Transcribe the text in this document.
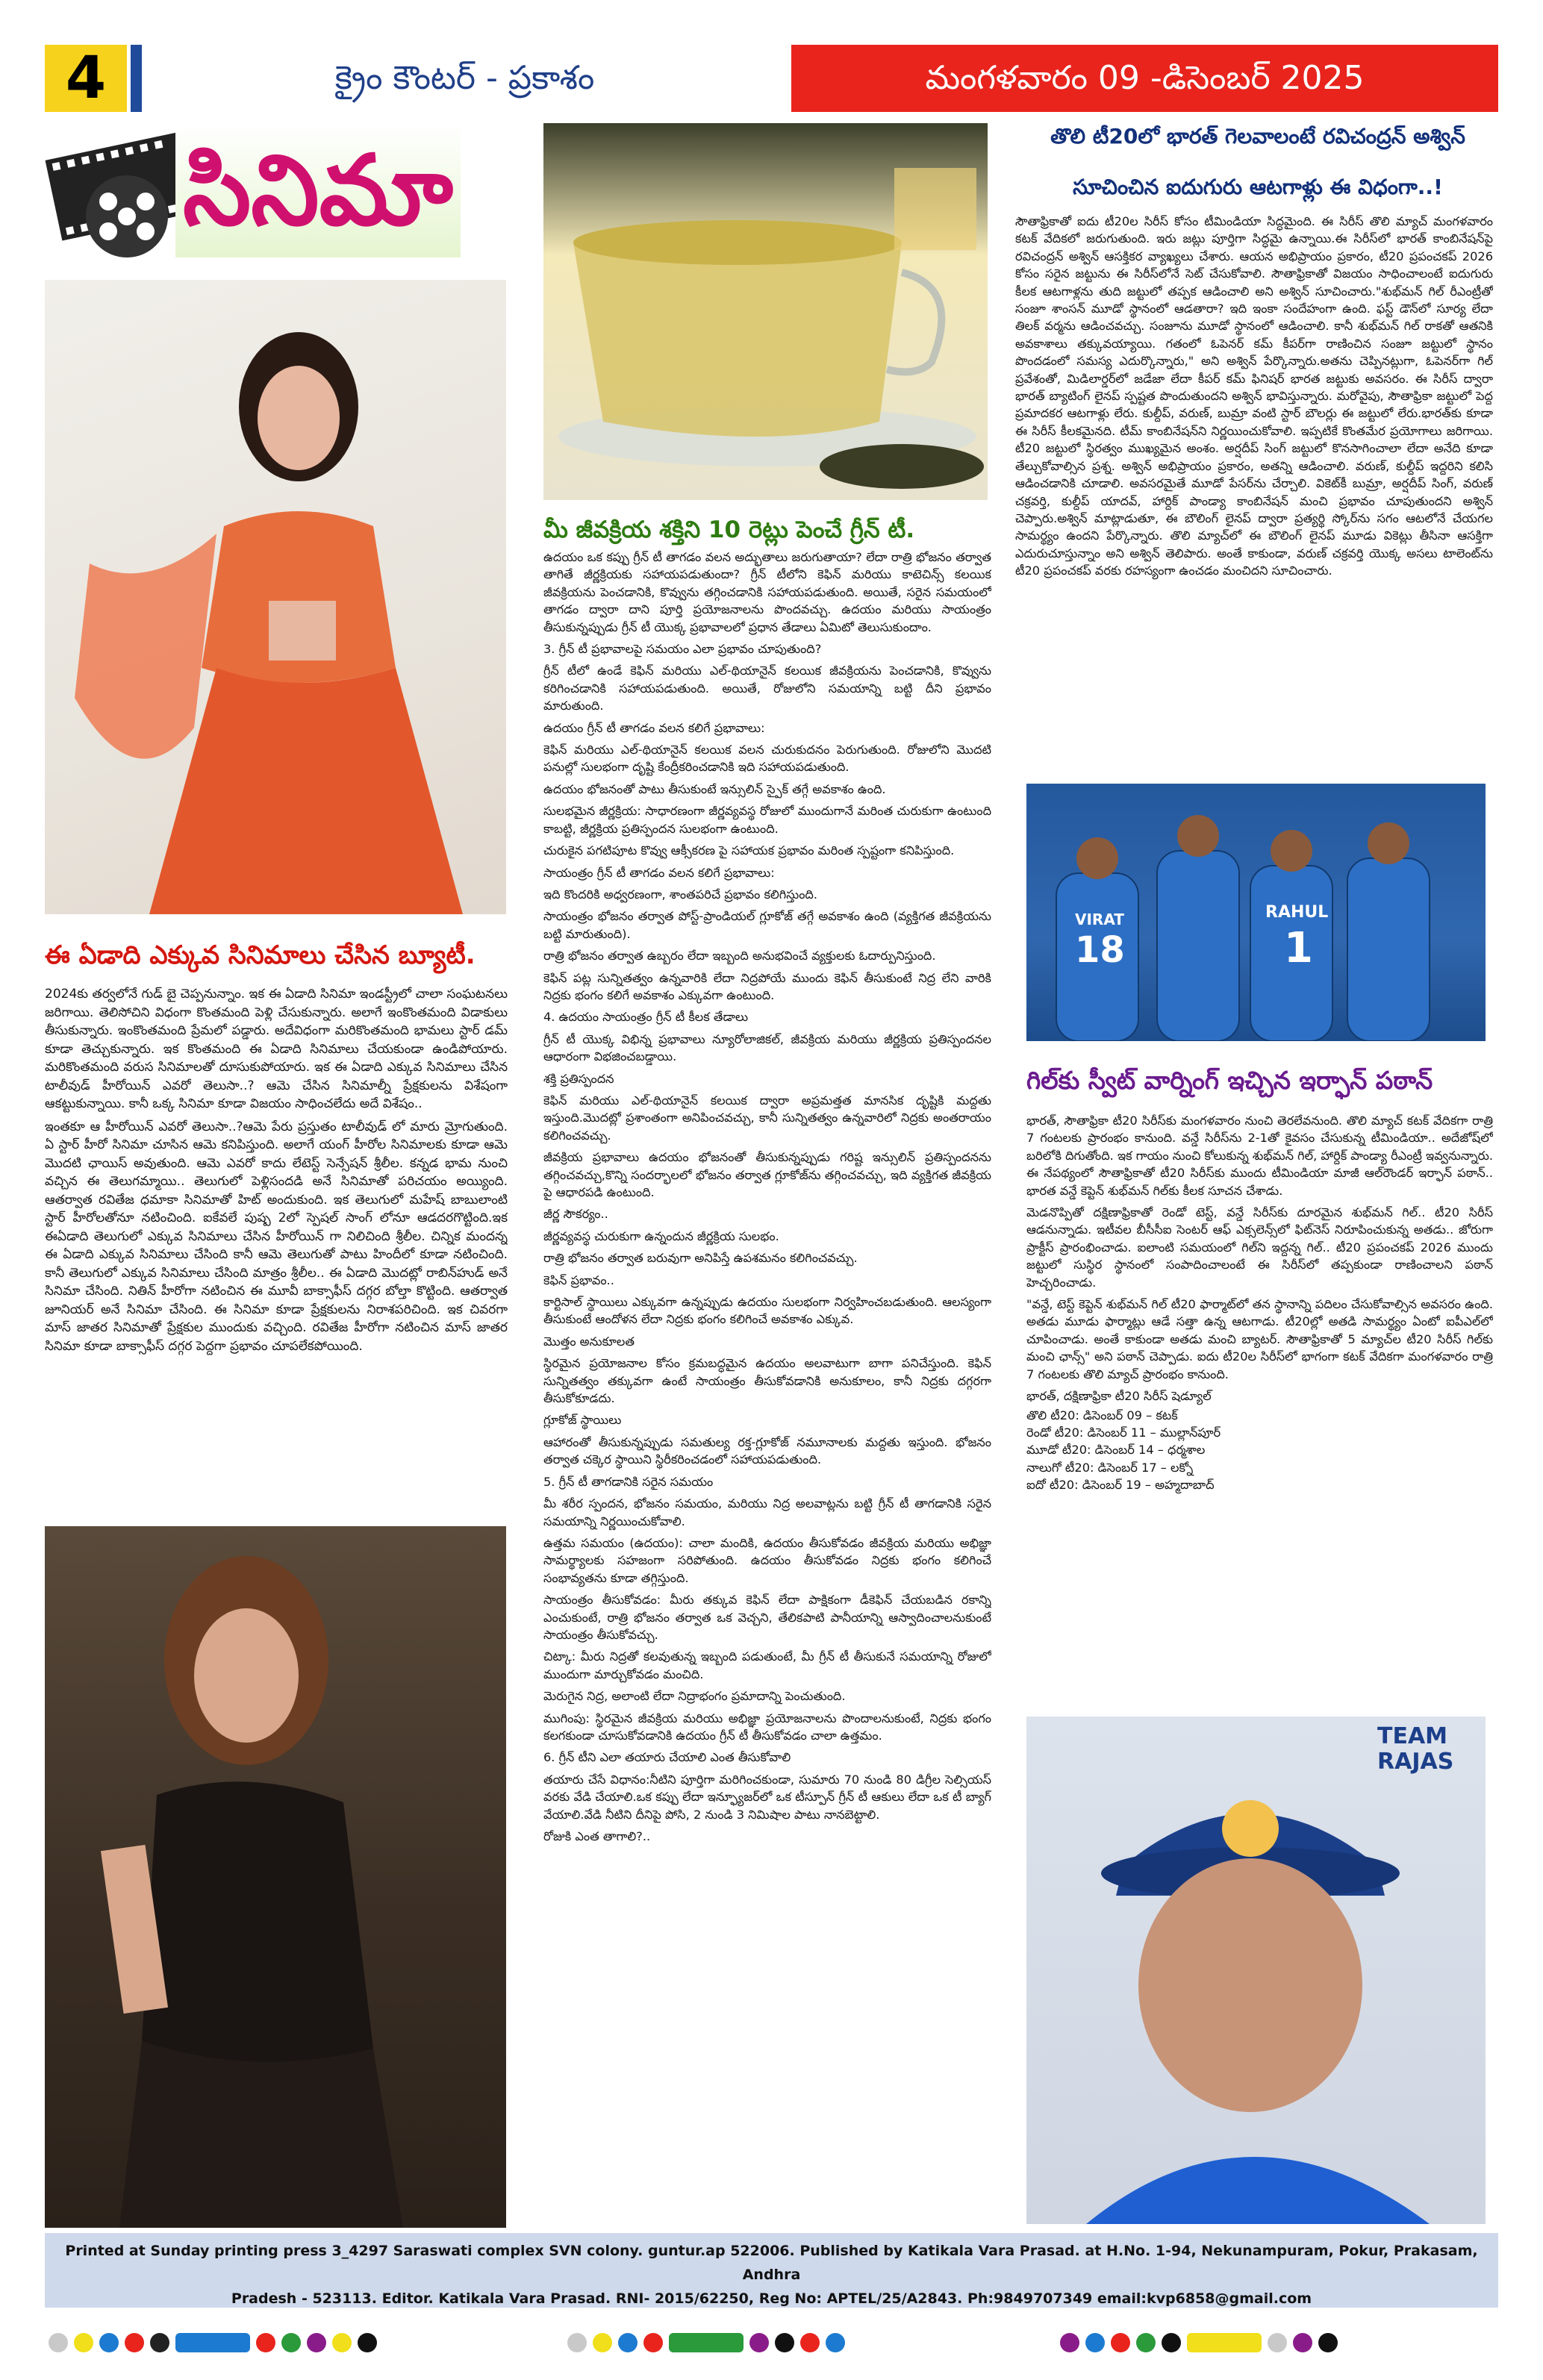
4	క్రైం కౌంటర్ - ప్రకాశం	మంగళవారం 09 -డిసెంబర్ 2025
సినిమా
ఈ ఏడాది ఎక్కువ సినిమాలు చేసిన బ్యూటీ.

2024కు తర్వలోనే గుడ్ బై చెప్పనున్నాం. ఇక ఈ ఏడాది సినిమా ఇండస్ట్రీలో చాలా సంఘటనలు జరిగాయి. తెలిసోచిని విధంగా కొంతమంది పెళ్లి చేసుకున్నారు. అలాగే ఇంకొంతమంది విడాకులు తీసుకున్నారు. ఇంకొంతమంది ప్రేమలో పడ్డారు. అదేవిధంగా మరికొంతమంది భామలు స్టార్ డమ్ కూడా తెచ్చుకున్నారు. ఇక కొంతమంది ఈ ఏడాది సినిమాలు చేయకుండా ఉండిపోయారు. మరికొంతమంది వరుస సినిమాలతో దూసుకుపోయారు. ఇక ఈ ఏడాది ఎక్కువ సినిమాలు చేసిన టాలీవుడ్ హీరోయిన్ ఎవరో తెలుసా..? ఆమె చేసిన సినిమాల్నీ ప్రేక్షకులను విశేషంగా ఆకట్టుకున్నాయి. కానీ ఒక్క సినిమా కూడా విజయం సాధించలేదు అదే విశేషం..

ఇంతకూ ఆ హీరోయిన్ ఎవరో తెలుసా..?ఆమె పేరు ప్రస్తుతం టాలీవుడ్ లో మారు మ్రోగుతుంది. ఏ స్టార్ హీరో సినిమా చూసిన ఆమె కనిపిస్తుంది. అలాగే యంగ్ హీరోల సినిమాలకు కూడా ఆమె మొదటి ఛాయిస్ అవుతుంది. ఆమె ఎవరో కాదు లేటెస్ట్ సెన్సేషన్ శ్రీలీల. కన్నడ భామ నుంచి వచ్చిన ఈ తెలుగమ్మాయి.. తెలుగులో పెళ్లిసందడి అనే సినిమాతో పరిచయం అయ్యింది. ఆతర్వాత రవితేజ ధమాకా సినిమాతో హిట్ అందుకుంది. ఇక తెలుగులో మహేష్ బాబులాంటి స్టార్ హీరోలతోనూ నటించింది. ఐకేవలే పుష్ప 2లో స్పెషల్ సాంగ్ లోనూ ఆడదరగొట్టింది.ఇక ఈఏడాది తెలుగులో ఎక్కువ సినిమాలు చేసిన హీరోయిన్ గా నిలిచింది శ్రీలీల. చిన్నిక మందన్న ఈ ఏడాది ఎక్కువ సినిమాలు చేసింది కానీ ఆమె తెలుగుతో పాటు హిందీలో కూడా నటించింది. కానీ తెలుగులో ఎక్కువ సినిమాలు చేసింది మాత్రం శ్రీలీల.. ఈ ఏడాది మొదట్లో రాబిన్‌హుడ్ అనే సినిమా చేసింది. నితిన్ హీరోగా నటించిన ఈ మూవీ బాక్సాఫీస్ దగ్గర బోల్తా కొట్టింది. ఆతర్వాత జూనియర్ అనే సినిమా చేసింది. ఈ సినిమా కూడా ప్రేక్షకులను నిరాశపరిచింది. ఇక చివరగా మాస్ జాతర సినిమాతో ప్రేక్షకుల ముందుకు వచ్చింది. రవితేజ హీరోగా నటించిన మాస్ జాతర సినిమా కూడా బాక్సాఫీస్ దగ్గర పెద్దగా ప్రభావం చూపలేకపోయింది.

మీ జీవక్రియ శక్తిని 10 రెట్లు పెంచే గ్రీన్ టీ.

ఉదయం ఒక కప్పు గ్రీన్ టీ తాగడం వలన అద్భుతాలు జరుగుతాయా? లేదా రాత్రి భోజనం తర్వాత తాగితే జీర్ణక్రియకు సహాయపడుతుందా? గ్రీన్ టీలోని కెఫిన్ మరియు కాటెచిన్స్ కలయిక జీవక్రియను పెంచడానికి, కొవ్వును తగ్గించడానికి సహాయపడుతుంది. అయితే, సరైన సమయంలో తాగడం ద్వారా దాని పూర్తి ప్రయోజనాలను పొందవచ్చు. ఉదయం మరియు సాయంత్రం తీసుకున్నప్పుడు గ్రీన్ టీ యొక్క ప్రభావాలలో ప్రధాన తేడాలు ఏమిటో తెలుసుకుందాం.

3. గ్రీన్ టీ ప్రభావాలపై సమయం ఎలా ప్రభావం చూపుతుంది?

గ్రీన్ టీలో ఉండే కెఫిన్ మరియు ఎల్-థియానైన్ కలయిక జీవక్రియను పెంచడానికి, కొవ్వును కరిగించడానికి సహాయపడుతుంది. అయితే, రోజులోని సమయాన్ని బట్టి దీని ప్రభావం మారుతుంది.

ఉదయం గ్రీన్ టీ తాగడం వలన కలిగే ప్రభావాలు:

కెఫిన్ మరియు ఎల్-థియానైన్ కలయిక వలన చురుకుదనం పెరుగుతుంది. రోజులోని మొదటి పనుల్లో సులభంగా దృష్టి కేంద్రీకరించడానికి ఇది సహాయపడుతుంది.

ఉదయం భోజనంతో పాటు తీసుకుంటే ఇన్సులిన్ స్పైక్ తగ్గే అవకాశం ఉంది.

సులభమైన జీర్ణక్రియ: సాధారణంగా జీర్ణవ్యవస్థ రోజులో ముందుగానే మరింత చురుకుగా ఉంటుంది కాబట్టి, జీర్ణక్రియ ప్రతిస్పందన సులభంగా ఉంటుంది.

చురుకైన పగటిపూట కొవ్వు ఆక్సీకరణ పై సహాయక ప్రభావం మరింత స్పష్టంగా కనిపిస్తుంది.

సాయంత్రం గ్రీన్ టీ తాగడం వలన కలిగే ప్రభావాలు:

ఇది కొందరికి అధ్వరణంగా, శాంతపరిచే ప్రభావం కలిగిస్తుంది.

సాయంత్రం భోజనం తర్వాత పోస్ట్-ప్రాండియల్ గ్లూకోజ్ తగ్గే అవకాశం ఉంది (వ్యక్తిగత జీవక్రియను బట్టి మారుతుంది).

రాత్రి భోజనం తర్వాత ఉబ్బరం లేదా ఇబ్బంది అనుభవించే వ్యక్తులకు ఓదార్పునిస్తుంది.

కెఫిన్ పట్ల సున్నితత్వం ఉన్నవారికి లేదా నిద్రపోయే ముందు కెఫిన్ తీసుకుంటే నిద్ర లేని వారికి నిద్రకు భంగం కలిగే అవకాశం ఎక్కువగా ఉంటుంది.

4. ఉదయం సాయంత్రం గ్రీన్ టీ కీలక తేడాలు

గ్రీన్ టీ యొక్క విభిన్న ప్రభావాలు న్యూరోలాజికల్, జీవక్రియ మరియు జీర్ణక్రియ ప్రతిస్పందనల ఆధారంగా విభజించబడ్డాయి.

శక్తి ప్రతిస్పందన

కెఫిన్ మరియు ఎల్-థియానైన్ కలయిక ద్వారా అప్రమత్తత మానసిక దృష్టికి మద్దతు ఇస్తుంది.మొదట్లో ప్రశాంతంగా అనిపించవచ్చు, కానీ సున్నితత్వం ఉన్నవారిలో నిద్రకు అంతరాయం కలిగించవచ్చు.

జీవక్రియ ప్రభావాలు ఉదయం భోజనంతో తీసుకున్నప్పుడు గరిష్ట ఇన్సులిన్ ప్రతిస్పందనను తగ్గించవచ్చు,కొన్ని సందర్భాలలో భోజనం తర్వాత గ్లూకోజ్‌ను తగ్గించవచ్చు, ఇది వ్యక్తిగత జీవక్రియ పై ఆధారపడి ఉంటుంది.

జీర్ణ సౌకర్యం..

జీర్ణవ్యవస్థ చురుకుగా ఉన్నందున జీర్ణక్రియ సులభం.

రాత్రి భోజనం తర్వాత బరువుగా అనిపిస్తే ఉపశమనం కలిగించవచ్చు.

కెఫిన్ ప్రభావం..

కార్టిసాల్ స్థాయిలు ఎక్కువగా ఉన్నప్పుడు ఉదయం సులభంగా నిర్వహించబడుతుంది. ఆలస్యంగా తీసుకుంటే ఆందోళన లేదా నిద్రకు భంగం కలిగించే అవకాశం ఎక్కువ.

మొత్తం అనుకూలత

స్థిరమైన ప్రయోజనాల కోసం క్రమబద్ధమైన ఉదయం అలవాటుగా బాగా పనిచేస్తుంది. కెఫిన్ సున్నితత్వం తక్కువగా ఉంటే సాయంత్రం తీసుకోవడానికి అనుకూలం, కానీ నిద్రకు దగ్గరగా తీసుకోకూడదు.

గ్లూకోజ్ స్థాయిలు

ఆహారంతో తీసుకున్నప్పుడు సమతుల్య రక్త-గ్లూకోజ్ నమూనాలకు మద్దతు ఇస్తుంది. భోజనం తర్వాత చక్కెర స్థాయిని స్థిరీకరించడంలో సహాయపడుతుంది.

5. గ్రీన్ టీ తాగడానికి సరైన సమయం

మీ శరీర స్పందన, భోజనం సమయం, మరియు నిద్ర అలవాట్లను బట్టి గ్రీన్ టీ తాగడానికి సరైన సమయాన్ని నిర్ణయించుకోవాలి.

ఉత్తమ సమయం (ఉదయం): చాలా మందికి, ఉదయం తీసుకోవడం జీవక్రియ మరియు అభిజ్ఞా సామర్థ్యాలకు సహజంగా సరిపోతుంది. ఉదయం తీసుకోవడం నిద్రకు భంగం కలిగించే సంభావ్యతను కూడా తగ్గిస్తుంది.

సాయంత్రం తీసుకోవడం: మీరు తక్కువ కెఫిన్ లేదా పాక్షికంగా డీకెఫిన్ చేయబడిన రకాన్ని ఎంచుకుంటే, రాత్రి భోజనం తర్వాత ఒక వెచ్చని, తేలికపాటి పానీయాన్ని ఆస్వాదించాలనుకుంటే సాయంత్రం తీసుకోవచ్చు.

చిట్కా: మీరు నిద్రతో కలవుతున్న ఇబ్బంది పడుతుంటే, మీ గ్రీన్ టీ తీసుకునే సమయాన్ని రోజులో ముందుగా మార్చుకోవడం మంచిది.

మెరుగైన నిద్ర, అలాంటి లేదా నిద్రాభంగం ప్రమాదాన్ని పెంచుతుంది.

ముగింపు: స్థిరమైన జీవక్రియ మరియు అభిజ్ఞా ప్రయోజనాలను పొందాలనుకుంటే, నిద్రకు భంగం కలగకుండా చూసుకోవడానికి ఉదయం గ్రీన్ టీ తీసుకోవడం చాలా ఉత్తమం.

6. గ్రీన్ టీని ఎలా తయారు చేయాలి ఎంత తీసుకోవాలి

తయారు చేసే విధానం:నీటిని పూర్తిగా మరిగించకుండా, సుమారు 70 నుండి 80 డిగ్రీల సెల్సియస్ వరకు వేడి చేయాలి.ఒక కప్పు లేదా ఇన్ఫ్యూజర్‌లో ఒక టీస్పూన్ గ్రీన్ టీ ఆకులు లేదా ఒక టీ బ్యాగ్ వేయాలి.వేడి నీటిని దీనిపై పోసి, 2 నుండి 3 నిమిషాల పాటు నానబెట్టాలి.

రోజుకి ఎంత తాగాలి?..

తొలి టీ20లో భారత్ గెలవాలంటే రవిచంద్రన్ అశ్విన్
సూచించిన ఐదుగురు ఆటగాళ్లు ఈ విధంగా..!

సౌతాఫ్రికాతో ఐదు టీ20ల సిరీస్ కోసం టీమిండియా సిద్ధమైంది. ఈ సిరీస్ తొలి మ్యాచ్ మంగళవారం కటక్ వేదికలో జరుగుతుంది. ఇరు జట్లు పూర్తిగా సిద్ధమై ఉన్నాయి.ఈ సిరీస్‌లో భారత్ కాంబినేషన్‌పై రవిచంద్రన్ అశ్విన్ ఆసక్తికర వ్యాఖ్యలు చేశారు. ఆయన అభిప్రాయం ప్రకారం, టీ20 ప్రపంచకప్ 2026 కోసం సరైన జట్టును ఈ సిరీస్‌లోనే సెట్ చేసుకోవాలి. సౌతాఫ్రికాతో విజయం సాధించాలంటే ఐదుగురు కీలక ఆటగాళ్లను తుది జట్టులో తప్పక ఆడించాలి అని అశ్విన్ సూచించారు."శుభ్‌మన్ గిల్ రీఎంట్రీతో సంజూ శాంసన్ మూడో స్థానంలో ఆడతారా? ఇది ఇంకా సందేహంగా ఉంది. ఫస్ట్ డౌన్‌లో సూర్య లేదా తిలక్ వర్మను ఆడించవచ్చు. సంజూను మూడో స్థానంలో ఆడించాలి. కానీ శుభ్‌మన్ గిల్ రాకతో ఆతనికి అవకాశాలు తక్కువయ్యాయి. గతంలో ఓపెనర్ కమ్ కీపర్‌గా రాణించిన సంజూ జట్టులో స్థానం పొందడంలో సమస్య ఎదుర్కొన్నారు," అని అశ్విన్ పేర్కొన్నారు.అతను చెప్పినట్లుగా, ఓపెనర్‌గా గిల్ ప్రవేశంతో, మిడిలార్డర్‌లో జడేజా లేదా కీపర్ కమ్ ఫినిషర్ భారత జట్టుకు అవసరం. ఈ సిరీస్ ద్వారా భారత్ బ్యాటింగ్ లైనప్ స్పష్టత పొందుతుందని అశ్విన్ భావిస్తున్నారు. మరోవైపు, సౌతాఫ్రికా జట్టులో పెద్ద ప్రమాదకర ఆటగాళ్లు లేరు. కుల్దీప్, వరుణ్, బుమ్రా వంటి స్టార్ బౌలర్లు ఈ జట్టులో లేరు.భారత్‌కు కూడా ఈ సిరీస్ కీలకమైనది. టీమ్ కాంబినేషన్‌ని నిర్ణయించుకోవాలి. ఇప్పటికే కొంతమేర ప్రయోగాలు జరిగాయి. టీ20 జట్టులో స్థిరత్వం ముఖ్యమైన అంశం. అర్షదీప్ సింగ్ జట్టులో కొనసాగించాలా లేదా అనేది కూడా తేల్చుకోవాల్సిన ప్రశ్న. అశ్విన్ అభిప్రాయం ప్రకారం, అతన్ని ఆడించాలి. వరుణ్, కుల్దీప్ ఇద్దరిని కలిసి ఆడించడానికి చూడాలి. అవసరమైతే మూడో పేసర్‌ను చేర్చాలి. వికెట్‌కీ బుమ్రా, అర్షదీప్ సింగ్, వరుణ్ చక్రవర్తి, కుల్దీప్ యాదవ్, హార్దిక్ పాండ్యా కాంబినేషన్ మంచి ప్రభావం చూపుతుందని అశ్విన్ చెప్పారు.అశ్విన్ మాట్లాడుతూ, ఈ బౌలింగ్ లైనప్ ద్వారా ప్రత్యర్థి స్కోర్‌ను సగం ఆటలోనే చేయగల సామర్థ్యం ఉందని పేర్కొన్నారు. తొలి మ్యాచ్‌లో ఈ బౌలింగ్ లైనప్ మూడు వికెట్లు తీసినా ఆసక్తిగా ఎదురుచూస్తున్నాం అని అశ్విన్ తెలిపారు. అంతే కాకుండా, వరుణ్ చక్రవర్తి యొక్క అసలు టాలెంట్‌ను టీ20 ప్రపంచకప్ వరకు రహస్యంగా ఉంచడం మంచిదని సూచించారు.

VIRAT
18
RAHUL
1
గిల్‌కు స్వీట్ వార్నింగ్ ఇచ్చిన ఇర్ఫాన్ పఠాన్

భారత్, సౌతాఫ్రికా టీ20 సిరీస్‌కు మంగళవారం నుంచి తెరలేవనుంది. తొలి మ్యాచ్ కటక్ వేదికగా రాత్రి 7 గంటలకు ప్రారంభం కానుంది. వన్డే సిరీస్‌ను 2-1తో కైవసం చేసుకున్న టీమిండియా.. అదేజోష్‌లో బరిలోకి దిగుతోంది. ఇక గాయం నుంచి కోలుకున్న శుభ్‌మన్ గిల్, హార్దిక్ పాండ్యా రీఎంట్రీ ఇవ్వనున్నారు. ఈ నేపథ్యంలో సౌతాఫ్రికాతో టీ20 సిరీస్‌కు ముందు టీమిండియా మాజీ ఆల్‌రౌండర్ ఇర్ఫాన్ పఠాన్.. భారత వన్డే కెప్టెన్ శుభ్‌మన్ గిల్‌కు కీలక సూచన చేశాడు.

మెడనొప్పితో దక్షిణాఫ్రికాతో రెండో టెస్ట్, వన్డే సిరీస్‌కు దూరమైన శుభ్‌మన్ గిల్.. టీ20 సిరీస్ ఆడనున్నాడు. ఇటీవల బీసీసీఐ సెంటర్ ఆఫ్ ఎక్సలెన్స్‌లో ఫిట్‌నెస్ నిరూపించుకున్న అతడు.. జోరుగా ప్రాక్టీస్ ప్రారంభించాడు. ఐలాంటి సమయంలో గిల్‌ని ఇద్దన్న గిల్.. టీ20 ప్రపంచకప్ 2026 ముందు జట్టులో సుస్థిర స్థానంలో సంపాదించాలంటే ఈ సిరీస్‌లో తప్పకుండా రాణించాలని పఠాన్ హెచ్చరించాడు.

"వన్డే, టెస్ట్ కెప్టెన్ శుభ్‌మన్ గిల్ టీ20 ఫార్మాట్‌లో తన స్థానాన్ని పదిలం చేసుకోవాల్సిన అవసరం ఉంది. అతడు మూడు ఫార్మాట్లు ఆడే సత్తా ఉన్న ఆటగాడు. టీ20ల్లో అతడి సామర్థ్యం ఏంటో ఐపీఎల్‌లో చూపించాడు. అంతే కాకుండా అతడు మంచి బ్యాటర్. సౌతాఫ్రికాతో 5 మ్యాచ్‌ల టీ20 సిరీస్ గిల్‌కు మంచి ఛాన్స్" అని పఠాన్ చెప్పాడు. ఐదు టీ20ల సిరీస్‌లో భాగంగా కటక్ వేదికగా మంగళవారం రాత్రి 7 గంటలకు తొలి మ్యాచ్ ప్రారంభం కానుంది.

భారత్, దక్షిణాఫ్రికా టీ20 సిరీస్ షెడ్యూల్

తొలి టీ20: డిసెంబర్ 09 – కటక్

రెండో టీ20: డిసెంబర్ 11 – ముల్లాన్‌పూర్

మూడో టీ20: డిసెంబర్ 14 – ధర్మశాల

నాలుగో టీ20: డిసెంబర్ 17 – లక్నో

ఐదో టీ20: డిసెంబర్ 19 – అహ్మదాబాద్

TEAM RAJAS
Printed at Sunday printing press 3_4297 Saraswati complex SVN colony. guntur.ap 522006. Published by Katikala Vara Prasad. at H.No. 1-94, Nekunampuram, Pokur, Prakasam, Andhra
Pradesh - 523113. Editor. Katikala Vara Prasad. RNI- 2015/62250, Reg No: APTEL/25/A2843. Ph:9849707349 email:kvp6858@gmail.com
